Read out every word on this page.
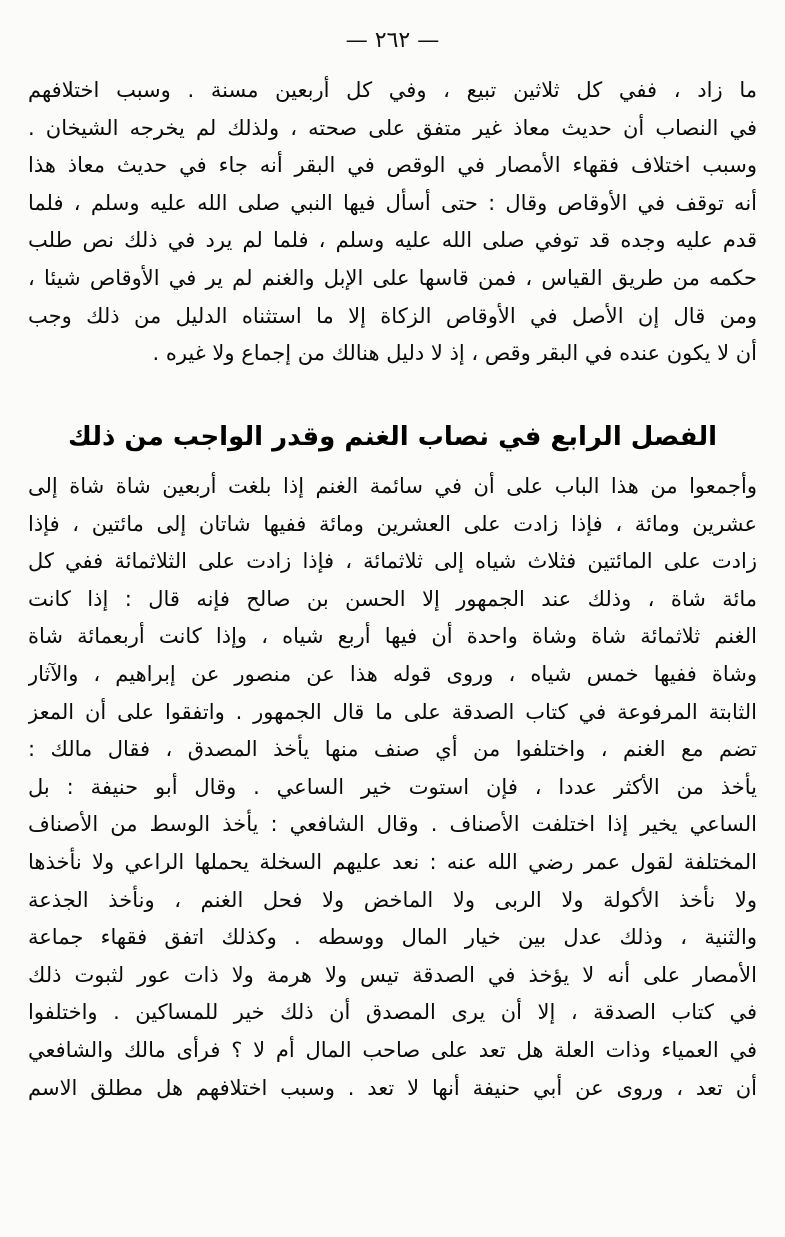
— ٢٦٢ —
ما زاد ، ففي كل ثلاثين تبيع ، وفي كل أربعين مسنة . وسبب اختلافهم
في النصاب أن حديث معاذ غير متفق على صحته ، ولذلك لم يخرجه الشيخان .
وسبب اختلاف فقهاء الأمصار في الوقص في البقر أنه جاء في حديث معاذ هذا
أنه توقف في الأوقاص وقال : حتى أسأل فيها النبي صلى الله عليه وسلم ، فلما
قدم عليه وجده قد توفي صلى الله عليه وسلم ، فلما لم يرد في ذلك نص طلب
حكمه من طريق القياس ، فمن قاسها على الإبل والغنم لم ير في الأوقاص شيئا ،
ومن قال إن الأصل في الأوقاص الزكاة إلا ما استثناه الدليل من ذلك وجب
أن لا يكون عنده في البقر وقص ، إذ لا دليل هنالك من إجماع ولا غيره .
الفصل الرابع في نصاب الغنم وقدر الواجب من ذلك
وأجمعوا من هذا الباب على أن في سائمة الغنم إذا بلغت أربعين شاة شاة إلى
عشرين ومائة ، فإذا زادت على العشرين ومائة ففيها شاتان إلى مائتين ، فإذا
زادت على المائتين فثلاث شياه إلى ثلاثمائة ، فإذا زادت على الثلاثمائة ففي كل
مائة شاة ، وذلك عند الجمهور إلا الحسن بن صالح فإنه قال : إذا كانت
الغنم ثلاثمائة شاة وشاة واحدة أن فيها أربع شياه ، وإذا كانت أربعمائة شاة
وشاة ففيها خمس شياه ، وروى قوله هذا عن منصور عن إبراهيم ، والآثار
الثابتة المرفوعة في كتاب الصدقة على ما قال الجمهور . واتفقوا على أن المعز
تضم مع الغنم ، واختلفوا من أي صنف منها يأخذ المصدق ، فقال مالك :
يأخذ من الأكثر عددا ، فإن استوت خير الساعي . وقال أبو حنيفة : بل
الساعي يخير إذا اختلفت الأصناف . وقال الشافعي : يأخذ الوسط من الأصناف
المختلفة لقول عمر رضي الله عنه : نعد عليهم السخلة يحملها الراعي ولا نأخذها
ولا نأخذ الأكولة ولا الربى ولا الماخض ولا فحل الغنم ، ونأخذ الجذعة
والثنية ، وذلك عدل بين خيار المال ووسطه . وكذلك اتفق فقهاء جماعة
الأمصار على أنه لا يؤخذ في الصدقة تيس ولا هرمة ولا ذات عور لثبوت ذلك
في كتاب الصدقة ، إلا أن يرى المصدق أن ذلك خير للمساكين . واختلفوا
في العمياء وذات العلة هل تعد على صاحب المال أم لا ؟ فرأى مالك والشافعي
أن تعد ، وروى عن أبي حنيفة أنها لا تعد . وسبب اختلافهم هل مطلق الاسم
